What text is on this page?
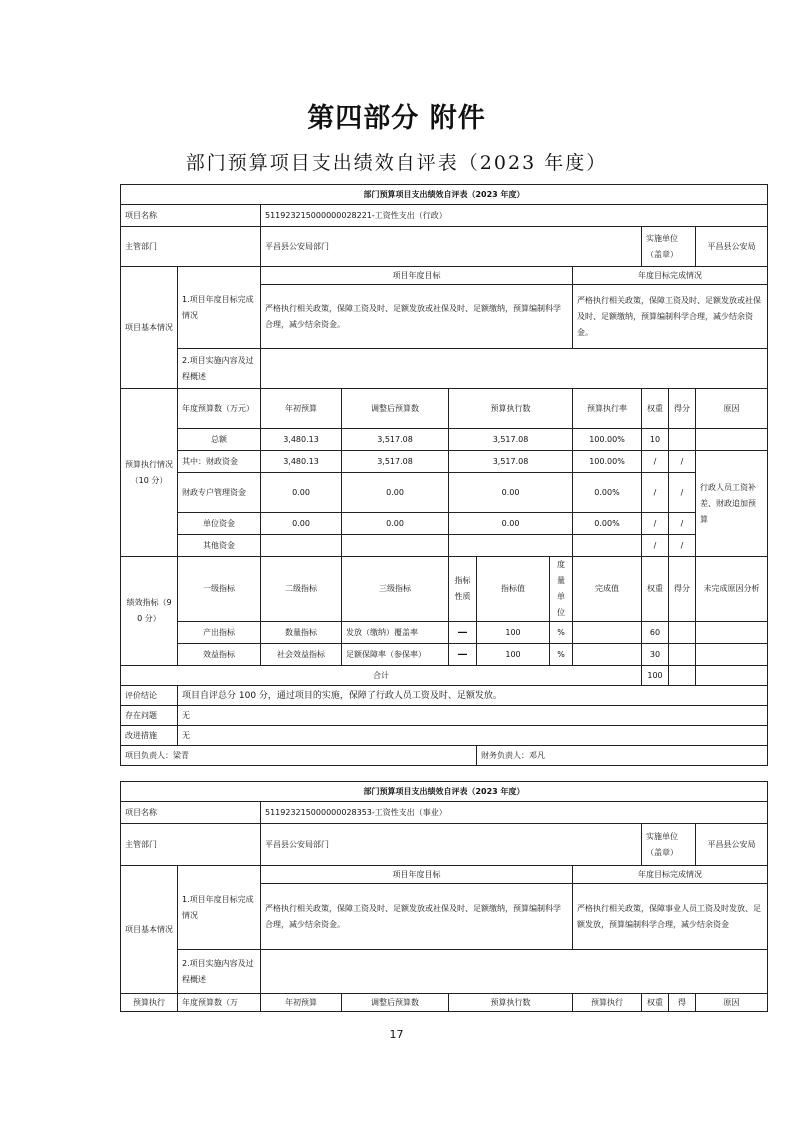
第四部分 附件
部门预算项目支出绩效自评表（2023 年度）
部门预算项目支出绩效自评表（2023 年度）										
项目名称		511923215000000028221-工资性支出（行政）								
主管部门		平昌县公安局部门						实施单位（盖章）		平昌县公安局
项目基本情况	1.项目年度目标完成情况	项目年度目标					年度目标完成情况			
		严格执行相关政策，保障工资及时、足额发放或社保及时、足额缴纳，预算编制科学合理，减少结余资金。					严格执行相关政策，保障工资及时、足额发放或社保及时、足额缴纳，预算编制科学合理，减少结余资金。			
	2.项目实施内容及过程概述									
预算执行情况（10 分）	年度预算数（万元）	年初预算	调整后预算数	预算执行数			预算执行率	权重	得分	原因
	总额	3,480.13	3,517.08	3,517.08			100.00%	10		
	其中：财政资金	3,480.13	3,517.08	3,517.08			100.00%	/	/	行政人员工资补差、财政追加预算
	财政专户管理资金	0.00	0.00	0.00			0.00%	/	/	
	单位资金	0.00	0.00	0.00			0.00%	/	/	
	其他资金							/	/	
绩效指标（90 分）	一级指标	二级指标	三级指标	指标性质	指标值	度量单位	完成值	权重	得分	未完成原因分析
	产出指标	数量指标	发放（缴纳）覆盖率	—	100	%		60		
	效益指标	社会效益指标	足额保障率（参保率）	—	100	%		30		
合计								100		
评价结论	项目自评总分 100 分，通过项目的实施，保障了行政人员工资及时、足额发放。									
存在问题	无									
改进措施	无									
项目负责人：梁青					财务负责人：邓凡					
部门预算项目支出绩效自评表（2023 年度）								
项目名称		511923215000000028353-工资性支出（事业）						
主管部门		平昌县公安局部门				实施单位（盖章）		平昌县公安局
项目基本情况	1.项目年度目标完成情况	项目年度目标			年度目标完成情况			
		严格执行相关政策，保障工资及时、足额发放或社保及时、足额缴纳，预算编制科学合理，减少结余资金。			严格执行相关政策，保障事业人员工资及时发放、足额发放，预算编制科学合理，减少结余资金			
	2.项目实施内容及过程概述							
预算执行	年度预算数（万	年初预算	调整后预算数	预算执行数	预算执行	权重	得	原因
17
